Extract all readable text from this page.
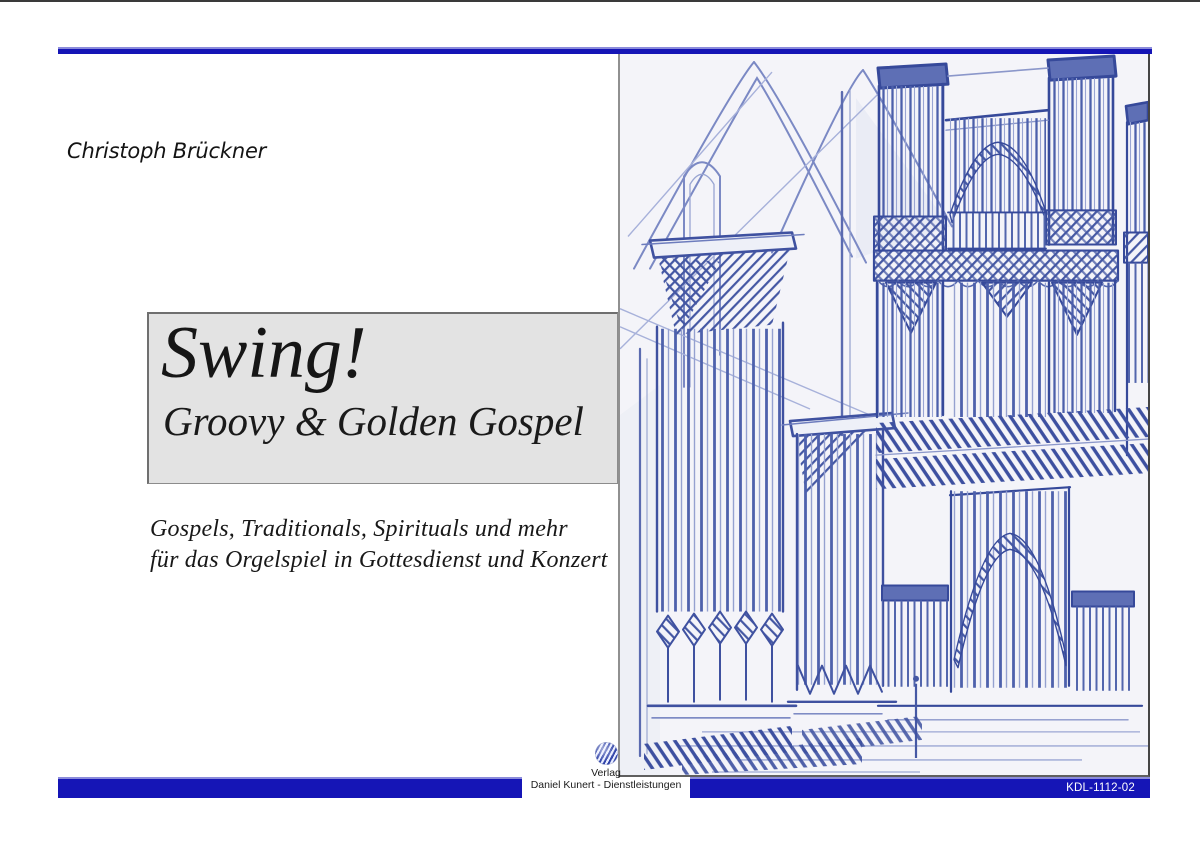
Christoph Brückner
Swing!
Groovy & Golden Gospel
Gospels, Traditionals, Spirituals und mehr
für das Orgelspiel in Gottesdienst und Konzert
Verlag
Daniel Kunert - Dienstleistungen	KDL-1112-02
